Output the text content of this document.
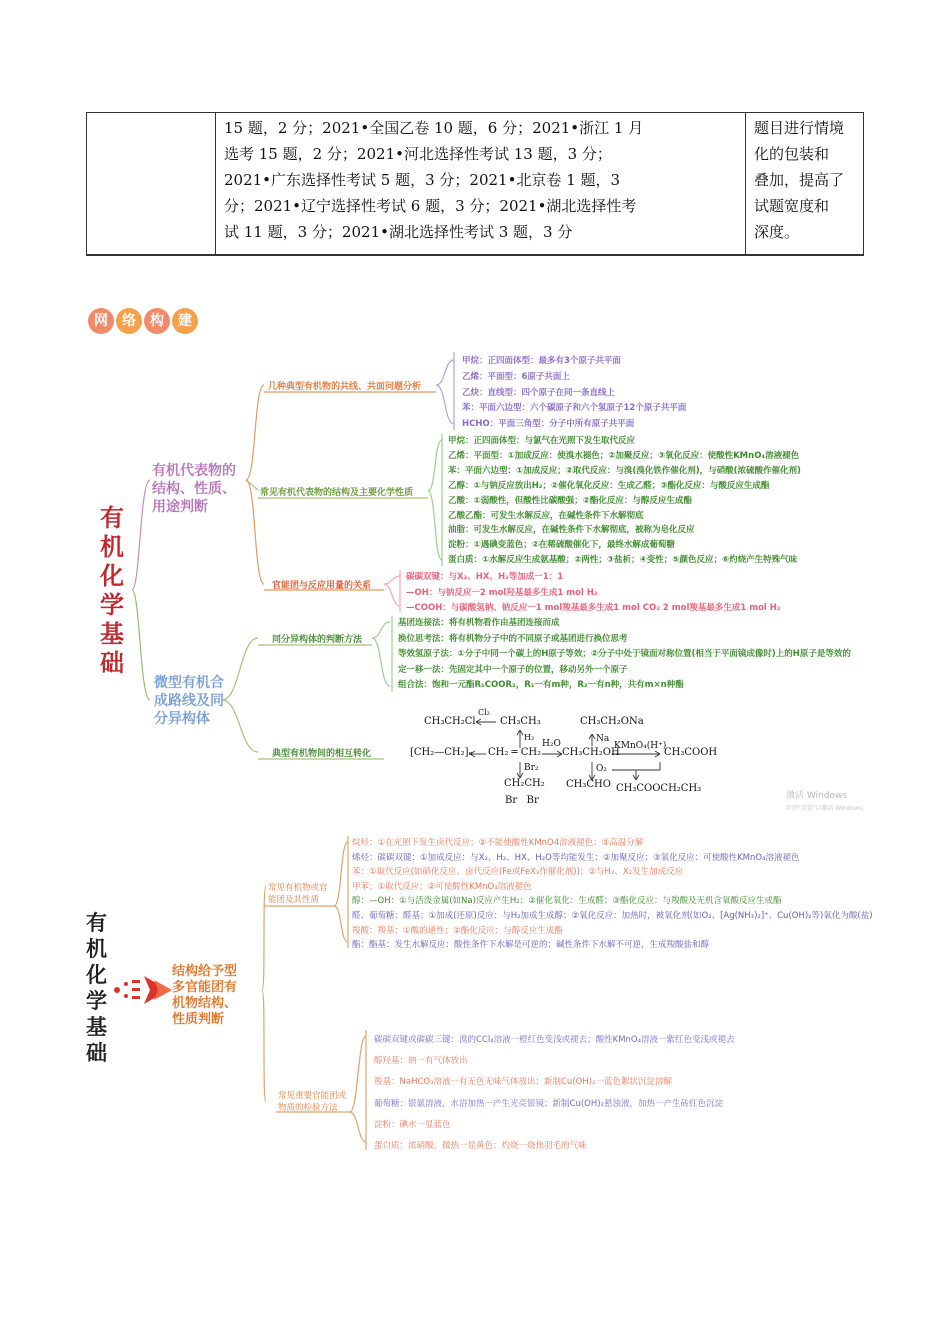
15 题，2 分；2021•全国乙卷 10 题，6 分；2021•浙江 1 月
选考 15 题，2 分；2021•河北选择性考试 13 题，3 分；
2021•广东选择性考试 5 题，3 分；2021•北京卷 1 题，3
分；2021•辽宁选择性考试 6 题，3 分；2021•湖北选择性考
试 11 题，3 分；2021•湖北选择性考试 3 题，3 分
题目进行情境化的包装和
叠加，提高了试题宽度和
深度。
网 络 构 建
有
机
化
学
基
础
有机代表物的
结构、性质、
用途判断
微型有机合
成路线及同
分异构体
几种典型有机物的共线、共面问题分析
常见有机代表物的结构及主要化学性质
官能团与反应用量的关系
同分异构体的判断方法
典型有机物间的相互转化
甲烷：正四面体型：最多有3个原子共平面
乙烯：平面型：6原子共面上
乙炔：直线型：四个原子在同一条直线上
苯：平面六边型：六个碳原子和六个氢原子12个原子共平面
HCHO：平面三角型：分子中所有原子共平面
甲烷：正四面体型：与氯气在光照下发生取代反应
乙烯：平面型：①加成反应：使溴水褪色；②加聚反应；③氧化反应：使酸性KMnO₄溶液褪色
苯：平面六边型：①加成反应；②取代反应：与溴(溴化铁作催化剂)，与硝酸(浓硫酸作催化剂)
乙醇：①与钠反应放出H₂；②催化氧化反应：生成乙醛；③酯化反应：与酸反应生成酯
乙酸：①弱酸性，但酸性比碳酸强；②酯化反应：与醇反应生成酯
乙酸乙酯：可发生水解反应，在碱性条件下水解彻底
油脂：可发生水解反应，在碱性条件下水解彻底，被称为皂化反应
淀粉：①遇碘变蓝色；②在稀硫酸催化下，最终水解成葡萄糖
蛋白质：①水解反应生成氨基酸；②两性；③盐析；④变性；⑤颜色反应；⑥灼烧产生特殊气味
碳碳双键：与X₂、HX、H₂等加成一1：1
—OH：与钠反应一2 mol羟基最多生成1 mol H₂
—COOH：与碳酸氢钠、钠反应一1 mol羧基最多生成1 mol CO₂ 2 mol羧基最多生成1 mol H₂
基团连接法：将有机物看作由基团连接而成
换位思考法：将有机物分子中的不同原子或基团进行换位思考
等效氢原子法：①分子中同一个碳上的H原子等效；②分子中处于镜面对称位置(相当于平面镜成像时)上的H原子是等效的
定一移一法：先固定其中一个原子的位置，移动另外一个原子
组合法：饱和一元酯R₁COOR₂，R₁一有m种，R₂一有n种，共有m×n种酯
CH₃CH₂Cl
Cl₂
CH₃CH₃
H₂
CH₃CH₂ONa
Na
[CH₂—CH₂]ₙ CH₂ ═ CH₂
H₂O
CH₃CH₂OH
KMnO₄(H⁺)
CH₃COOH
Br₂	O₂
CH₂CH₂
Br   Br
CH₃CHO CH₃COOCH₂CH₃
激活 Windows
转到"设置"以激活 Windows。
有
机
化
学
基
础
结构给予型
多官能团有
机物结构、
性质判断
常见有机物或官
能团及其性质
常见重要官能团或
物质的检验方法
烷烃：①在光照下发生卤代反应；②不能使酸性KMnO4溶液褪色；③高温分解
烯烃：碳碳双键：①加成反应：与X₂、H₂、HX、H₂O等均能发生；②加聚反应；③氧化反应：可使酸性KMnO₄溶液褪色
苯：①取代反应(如硝化反应、卤代反应(Fe或FeX₃作催化剂))；②与H₂、X₂发生加成反应
甲苯：①取代反应；②可使酸性KMnO₄溶液褪色
醇：—OH：①与活泼金属(如Na)反应产生H₂；②催化氧化：生成醛；③酯化反应：与羧酸及无机含氧酸反应生成酯
醛、葡萄糖：醛基：①加成(还原)反应：与H₂加成生成醇；②氧化反应：加热时，被氧化剂(如O₂、[Ag(NH₃)₂]⁺、Cu(OH)₂等)氧化为酸(盐)
羧酸：羧基：①酸的通性；②酯化反应：与醇反应生成酯
酯：酯基：发生水解反应：酸性条件下水解是可逆的；碱性条件下水解不可逆，生成羧酸盐和醇
碳碳双键或碳碳三键：溴的CCl₄溶液一橙红色变浅或褪去；酸性KMnO₄溶液一紫红色变浅或褪去
醇羟基：钠一有气体放出
羧基：NaHCO₃溶液一有无色无味气体放出；新制Cu(OH)₂一蓝色絮状沉淀溶解
葡萄糖：银氨溶液，水浴加热一产生光亮银镜；新制Cu(OH)₂悬浊液，加热一产生砖红色沉淀
淀粉：碘水一显蓝色
蛋白质：浓硝酸，微热一显黄色；灼烧一烧焦羽毛的气味
